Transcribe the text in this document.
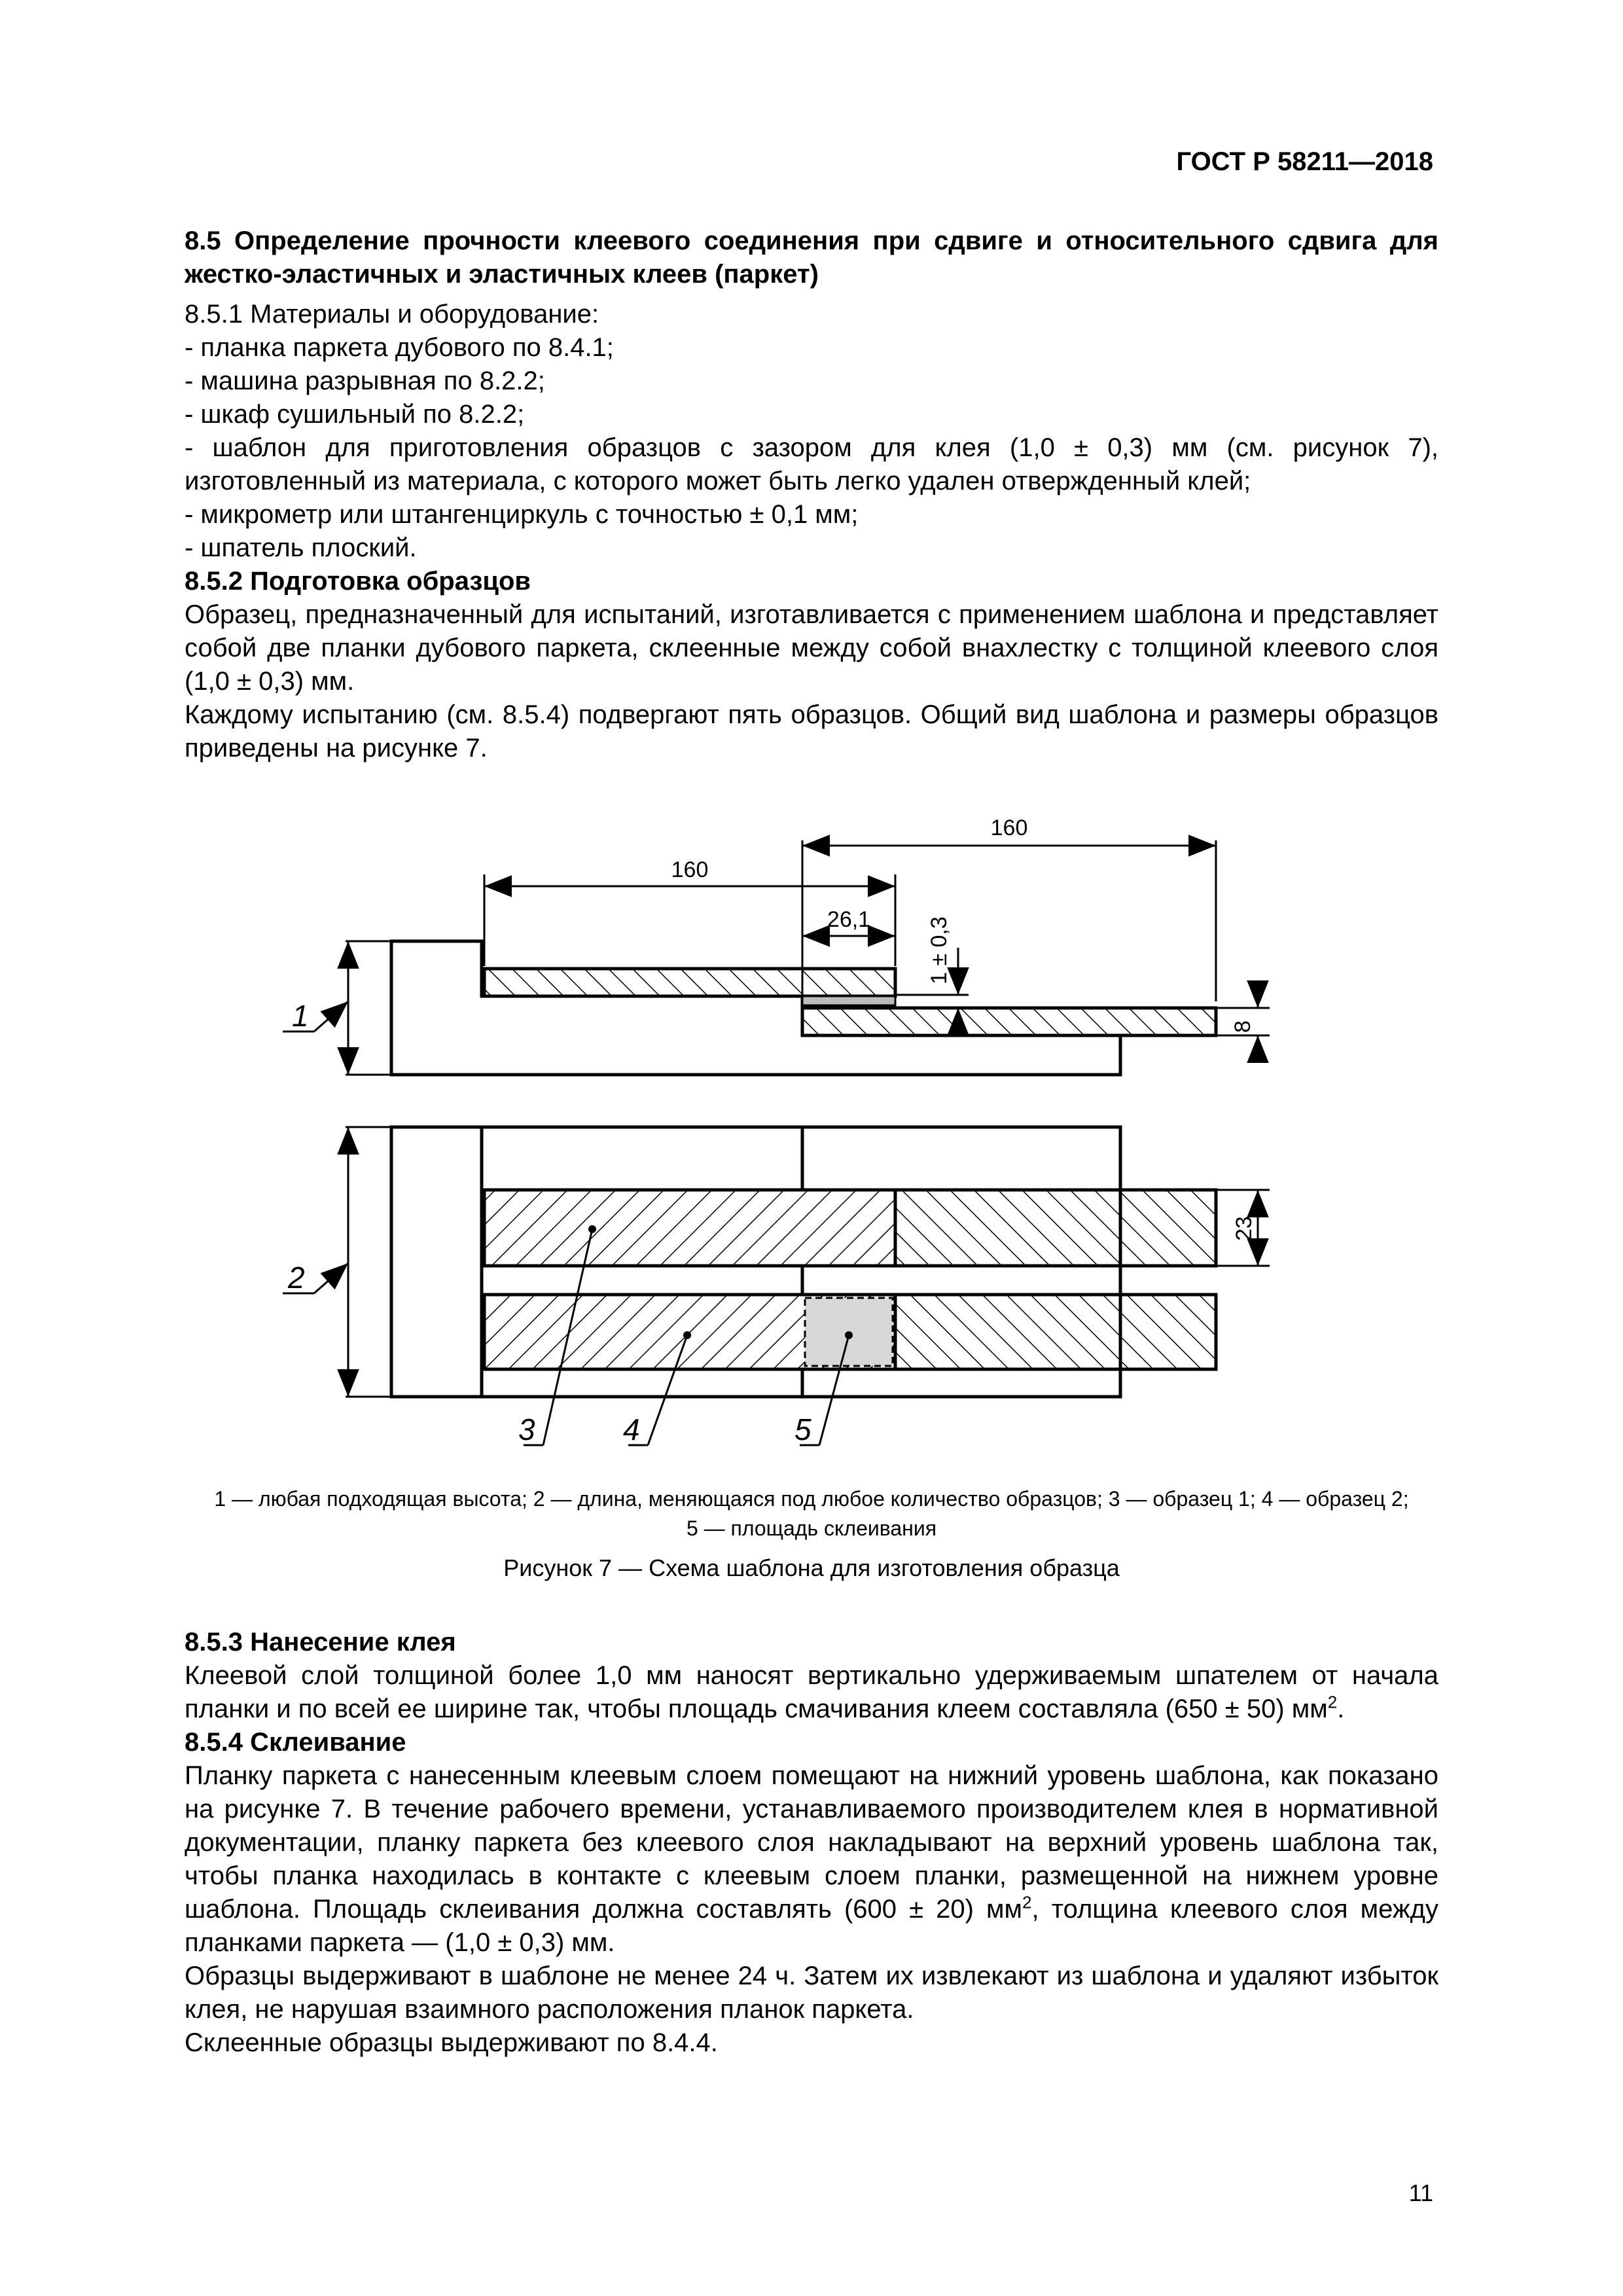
ГОСТ Р 58211—2018

8.5 Определение прочности клеевого соединения при сдвиге и относительного сдвига для жестко-эластичных и эластичных клеев (паркет)

8.5.1 Материалы и оборудование:

- планка паркета дубового по 8.4.1;

- машина разрывная по 8.2.2;

- шкаф сушильный по 8.2.2;

- шаблон для приготовления образцов с зазором для клея (1,0 ± 0,3) мм (см. рисунок 7), изготовленный из материала, с которого может быть легко удален отвержденный клей;

- микрометр или штангенциркуль с точностью ± 0,1 мм;

- шпатель плоский.

8.5.2 Подготовка образцов

Образец, предназначенный для испытаний, изготавливается с применением шаблона и представляет собой две планки дубового паркета, склеенные между собой внахлестку с толщиной клеевого слоя (1,0 ± 0,3) мм.

Каждому испытанию (см. 8.5.4) подвергают пять образцов. Общий вид шаблона и размеры образцов приведены на рисунке 7.

160
160
26,1	1 ± 0,3
8
23
1
2
3	4	5
1 — любая подходящая высота; 2 — длина, меняющаяся под любое количество образцов; 3 — образец 1; 4 — образец 2;
5 — площадь склеивания
Рисунок 7 — Схема шаблона для изготовления образца

8.5.3 Нанесение клея

Клеевой слой толщиной более 1,0 мм наносят вертикально удерживаемым шпателем от начала планки и по всей ее ширине так, чтобы площадь смачивания клеем составляла (650 ± 50) $мм^2$.

8.5.4 Склеивание

Планку паркета с нанесенным клеевым слоем помещают на нижний уровень шаблона, как показано на рисунке 7. В течение рабочего времени, устанавливаемого производителем клея в нормативной документации, планку паркета без клеевого слоя накладывают на верхний уровень шаблона так, чтобы планка находилась в контакте с клеевым слоем планки, размещенной на нижнем уровне шаблона. Площадь склеивания должна составлять (600 ± 20) $мм^2$, толщина клеевого слоя между планками паркета — (1,0 ± 0,3) мм.

Образцы выдерживают в шаблоне не менее 24 ч. Затем их извлекают из шаблона и удаляют избыток клея, не нарушая взаимного расположения планок паркета.

Склеенные образцы выдерживают по 8.4.4.

11
